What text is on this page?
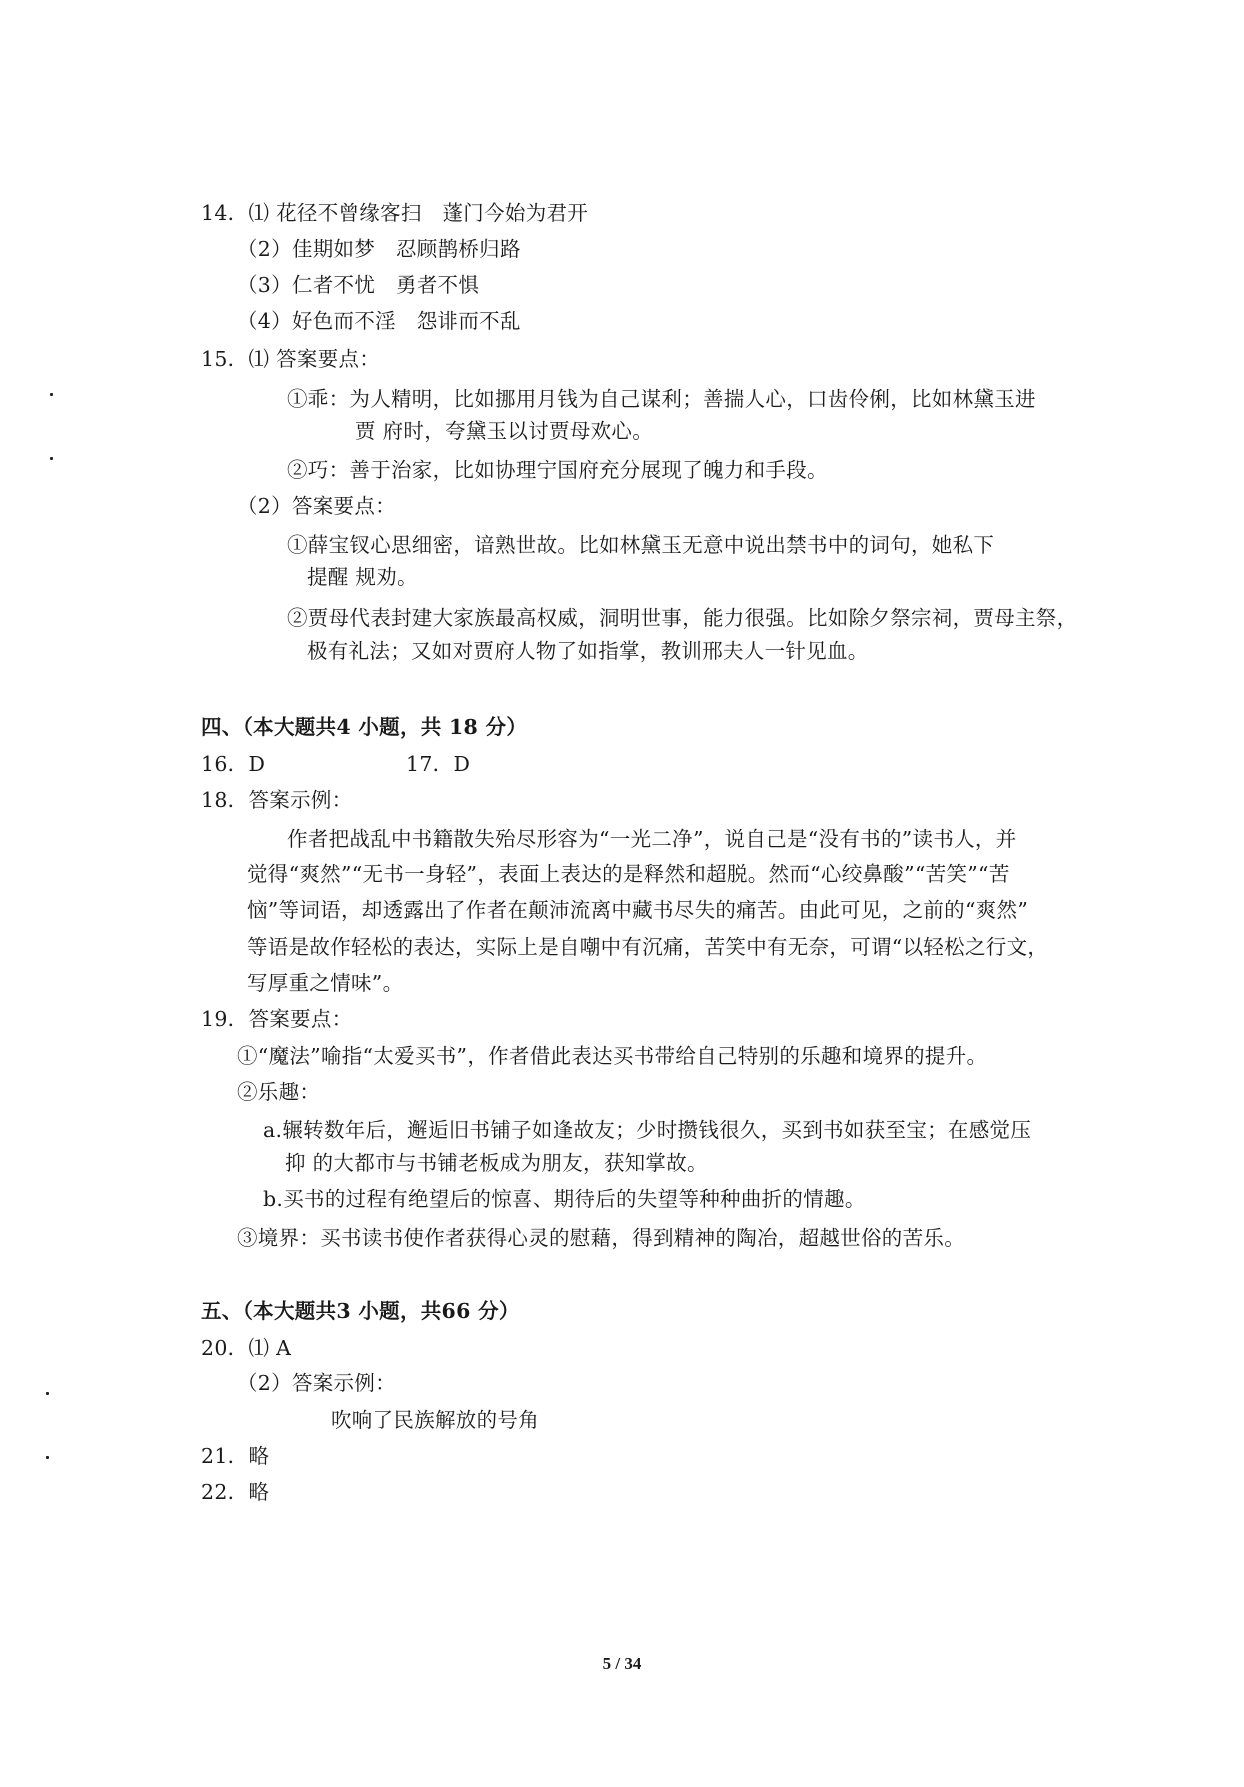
14．⑴ 花径不曾缘客扫　蓬门今始为君开
（2）佳期如梦　忍顾鹊桥归路
（3）仁者不忧　勇者不惧
（4）好色而不淫　怨诽而不乱
15．⑴ 答案要点：
①乖：为人精明，比如挪用月钱为自己谋利；善揣人心，口齿伶俐，比如林黛玉进
贾 府时，夸黛玉以讨贾母欢心。
②巧：善于治家，比如协理宁国府充分展现了魄力和手段。
（2）答案要点：
①薛宝钗心思细密，谙熟世故。比如林黛玉无意中说出禁书中的词句，她私下
提醒 规劝。
②贾母代表封建大家族最高权威，洞明世事，能力很强。比如除夕祭宗祠，贾母主祭，
极有礼法；又如对贾府人物了如指掌，教训邢夫人一针见血。
四、（本大题共4 小题，共 18 分）
16．D	17．D
18．答案示例：
作者把战乱中书籍散失殆尽形容为“一光二净”，说自己是“没有书的”读书人，并
觉得“爽然”“无书一身轻”，表面上表达的是释然和超脱。然而“心绞鼻酸”“苦笑”“苦
恼”等词语，却透露出了作者在颠沛流离中藏书尽失的痛苦。由此可见，之前的“爽然”
等语是故作轻松的表达，实际上是自嘲中有沉痛，苦笑中有无奈，可谓“以轻松之行文，
写厚重之情味”。
19．答案要点：
①“魔法”喻指“太爱买书”，作者借此表达买书带给自己特别的乐趣和境界的提升。
②乐趣：
a.辗转数年后，邂逅旧书铺子如逢故友；少时攒钱很久，买到书如获至宝；在感觉压
抑 的大都市与书铺老板成为朋友，获知掌故。
b.买书的过程有绝望后的惊喜、期待后的失望等种种曲折的情趣。
③境界：买书读书使作者获得心灵的慰藉，得到精神的陶冶，超越世俗的苦乐。
五、（本大题共3 小题，共66 分）
20．⑴ A
（2）答案示例：
吹响了民族解放的号角
21．略
22．略
5 / 34
